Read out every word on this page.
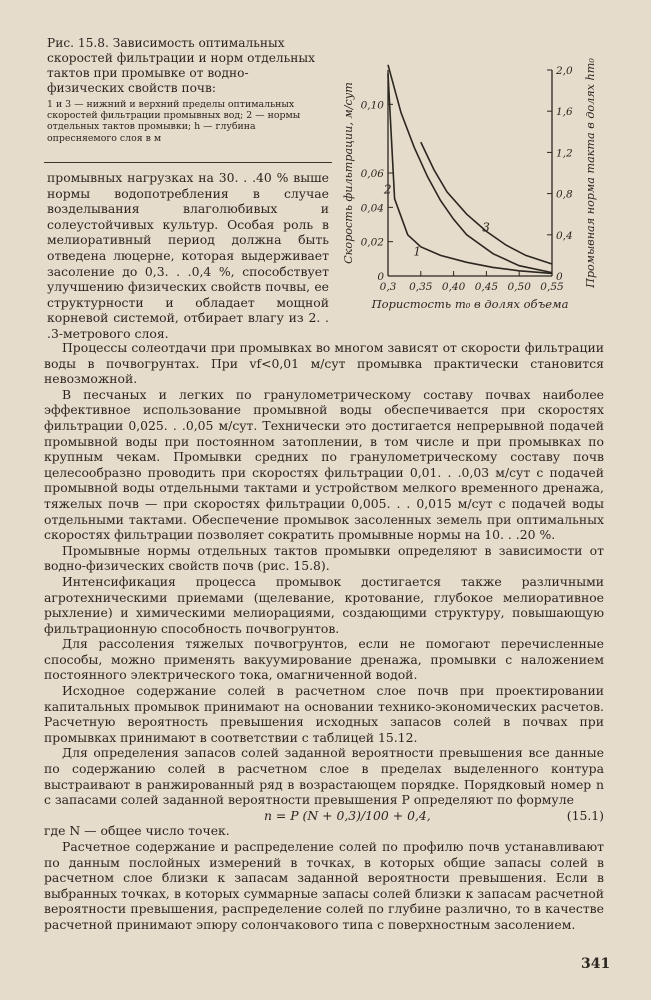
Рис. 15.8. Зависимость оптимальных скоростей фильтрации и норм отдельных тактов при промывке от водно-физических свойств почв:
1 и 3 — нижний и верхний пределы оптимальных скоростей фильтрации промывных вод; 2 — нормы отдельных тактов промывки; h — глубина опресняемого слоя в м
0
0,02
0,04
0,06
0,10
0
0,4
0,8
1,2
1,6
2,0
0,3 0,35 0,40 0,45 0,50 0,55
1
2
3
Пористость m₀ в долях объема
Скорость фильтрации, м/сут	Промывная норма такта в долях hm₀
промывных нагрузках на 30. . .40 % выше нормы водопотребления в случае возделывания влаголюбивых и солеустойчивых культур. Особая роль в мелиоративный период должна быть отведена люцерне, которая выдерживает засоление до 0,3. . .0,4 %, способствует улучшению физических свойств почвы, ее структурности и обладает мощной корневой системой, отбирает влагу из 2. . .3-метрового слоя.

Процессы солеотдачи при промывках во многом зависят от скорости фильтрации воды в почвогрунтах. При vf<0,01 м/сут промывка практически становится невозможной.

В песчаных и легких по гранулометрическому составу почвах наиболее эффективное использование промывной воды обеспечивается при скоростях фильтрации 0,025. . .0,05 м/сут. Технически это достигается непрерывной подачей промывной воды при постоянном затоплении, в том числе и при промывках по крупным чекам. Промывки средних по гранулометрическому составу почв целесообразно проводить при скоростях фильтрации 0,01. . .0,03 м/сут с подачей промывной воды отдельными тактами и устройством мелкого временного дренажа, тяжелых почв — при скоростях фильтрации 0,005. . . 0,015 м/сут с подачей воды отдельными тактами. Обеспечение промывок засоленных земель при оптимальных скоростях фильтрации позволяет сократить промывные нормы на 10. . .20 %.

Промывные нормы отдельных тактов промывки определяют в зависимости от водно-физических свойств почв (рис. 15.8).

Интенсификация процесса промывок достигается также различными агротехническими приемами (щелевание, кротование, глубокое мелиоративное рыхление) и химическими мелиорациями, создающими структуру, повышающую фильтрационную способность почвогрунтов.

Для рассоления тяжелых почвогрунтов, если не помогают перечисленные способы, можно применять вакуумирование дренажа, промывки с наложением постоянного электрического тока, омагниченной водой.

Исходное содержание солей в расчетном слое почв при проектировании капитальных промывок принимают на основании технико-экономических расчетов. Расчетную вероятность превышения исходных запасов солей в почвах при промывках принимают в соответствии с таблицей 15.12.

Для определения запасов солей заданной вероятности превышения все данные по содержанию солей в расчетном слое в пределах выделенного контура выстраивают в ранжированный ряд в возрастающем порядке. Порядковый номер n с запасами солей заданной вероятности превышения P определяют по формуле

n = P (N + 0,3)/100 + 0,4,	(15.1)

где N — общее число точек.

Расчетное содержание и распределение солей по профилю почв устанавливают по данным послойных измерений в точках, в которых общие запасы солей в расчетном слое близки к запасам заданной вероятности превышения. Если в выбранных точках, в которых суммарные запасы солей близки к запасам расчетной вероятности превышения, распределение солей по глубине различно, то в качестве расчетной принимают эпюру солончакового типа с поверхностным засолением.

341
